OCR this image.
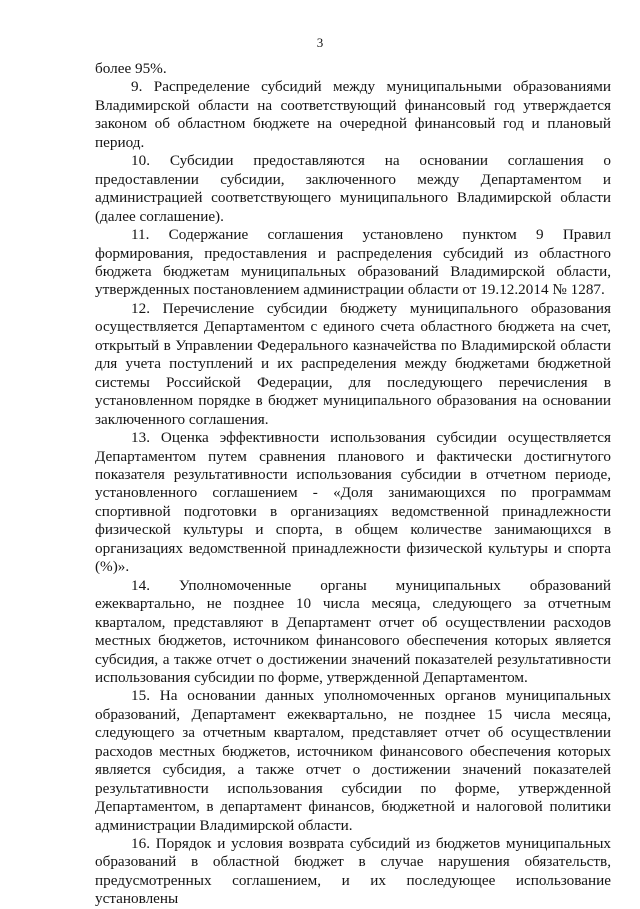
3

более 95%.

9. Распределение субсидий между муниципальными образованиями Владимирской области на соответствующий финансовый год утверждается законом об областном бюджете на очередной финансовый год и плановый период.

10. Субсидии предоставляются на основании соглашения о предоставлении субсидии, заключенного между Департаментом и администрацией соответствующего муниципального Владимирской области (далее соглашение).

11. Содержание соглашения установлено пунктом 9 Правил формирования, предоставления и распределения субсидий из областного бюджета бюджетам муниципальных образований Владимирской области, утвержденных постановлением администрации области от 19.12.2014 № 1287.

12. Перечисление субсидии бюджету муниципального образования осуществляется Департаментом с единого счета областного бюджета на счет, открытый в Управлении Федерального казначейства по Владимирской области для учета поступлений и их распределения между бюджетами бюджетной системы Российской Федерации, для последующего перечисления в установленном порядке в бюджет муниципального образования на основании заключенного соглашения.

13. Оценка эффективности использования субсидии осуществляется Департаментом путем сравнения планового и фактически достигнутого показателя результативности использования субсидии в отчетном периоде, установленного соглашением - «Доля занимающихся по программам спортивной подготовки в организациях ведомственной принадлежности физической культуры и спорта, в общем количестве занимающихся в организациях ведомственной принадлежности физической культуры и спорта (%)».

14. Уполномоченные органы муниципальных образований ежеквартально, не позднее 10 числа месяца, следующего за отчетным кварталом, представляют в Департамент отчет об осуществлении расходов местных бюджетов, источником финансового обеспечения которых является субсидия, а также отчет о достижении значений показателей результативности использования субсидии по форме, утвержденной Департаментом.

15. На основании данных уполномоченных органов муниципальных образований, Департамент ежеквартально, не позднее 15 числа месяца, следующего за отчетным кварталом, представляет отчет об осуществлении расходов местных бюджетов, источником финансового обеспечения которых является субсидия, а также отчет о достижении значений показателей результативности использования субсидии по форме, утвержденной Департаментом, в департамент финансов, бюджетной и налоговой политики администрации Владимирской области.

16. Порядок и условия возврата субсидий из бюджетов муниципальных образований в областной бюджет в случае нарушения обязательств, предусмотренных соглашением, и их последующее использование установлены
